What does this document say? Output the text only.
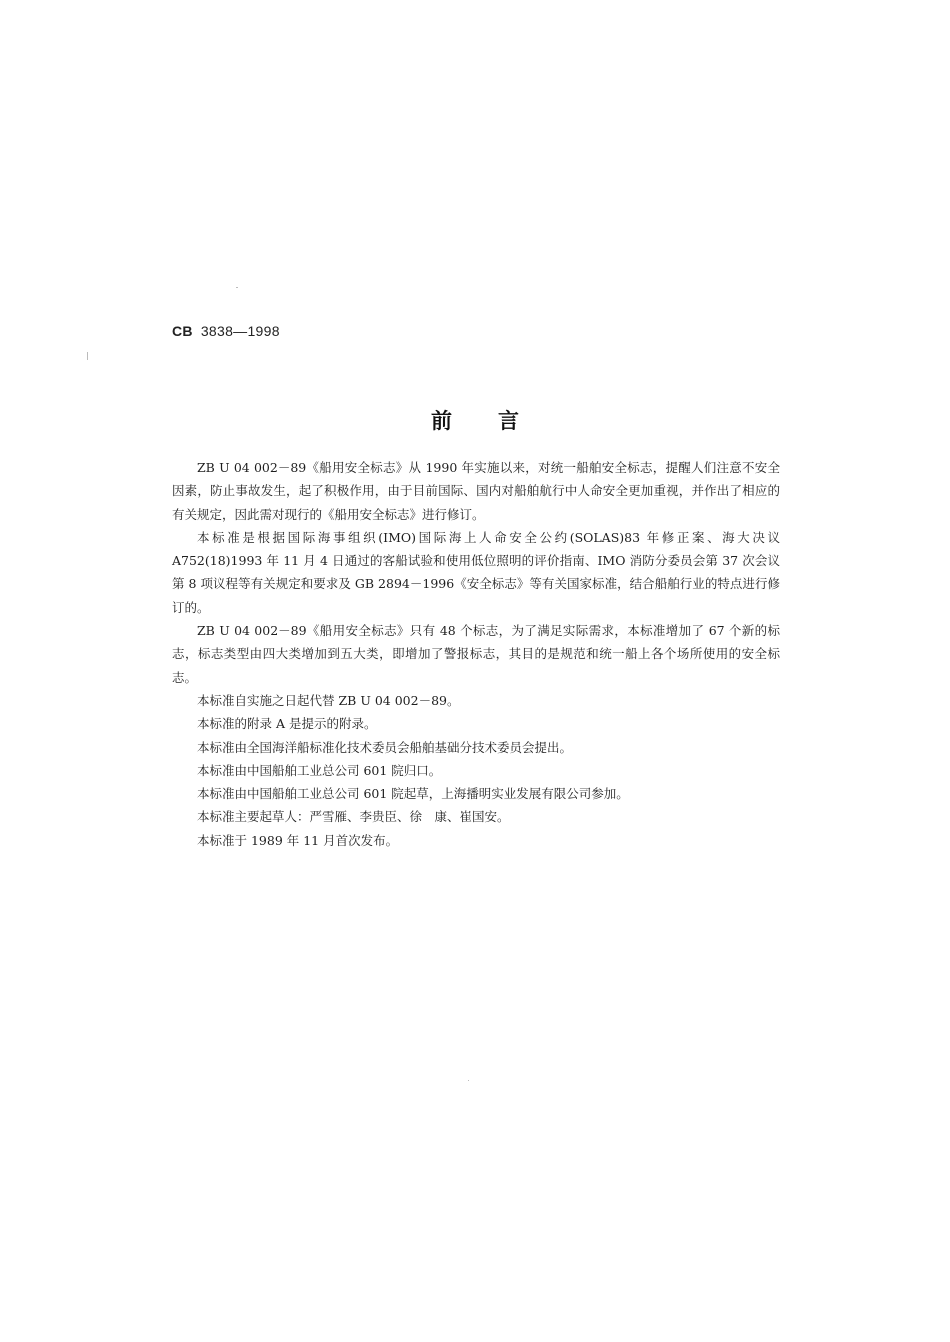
CB 3838—1998
前言

ZB U 04 002－89《船用安全标志》从 1990 年实施以来，对统一船舶安全标志，提醒人们注意不安全因素，防止事故发生，起了积极作用，由于目前国际、国内对船舶航行中人命安全更加重视，并作出了相应的有关规定，因此需对现行的《船用安全标志》进行修订。

本标准是根据国际海事组织(IMO)国际海上人命安全公约(SOLAS)83 年修正案、海大决议 A752(18)1993 年 11 月 4 日通过的客船试验和使用低位照明的评价指南、IMO 消防分委员会第 37 次会议第 8 项议程等有关规定和要求及 GB 2894－1996《安全标志》等有关国家标准，结合船舶行业的特点进行修订的。

ZB U 04 002－89《船用安全标志》只有 48 个标志，为了满足实际需求，本标准增加了 67 个新的标志，标志类型由四大类增加到五大类，即增加了警报标志，其目的是规范和统一船上各个场所使用的安全标志。

本标准自实施之日起代替 ZB U 04 002－89。

本标准的附录 A 是提示的附录。

本标准由全国海洋船标准化技术委员会船舶基础分技术委员会提出。

本标准由中国船舶工业总公司 601 院归口。

本标准由中国船舶工业总公司 601 院起草，上海播明实业发展有限公司参加。

本标准主要起草人：严雪雁、李贵臣、徐　康、崔国安。

本标准于 1989 年 11 月首次发布。
